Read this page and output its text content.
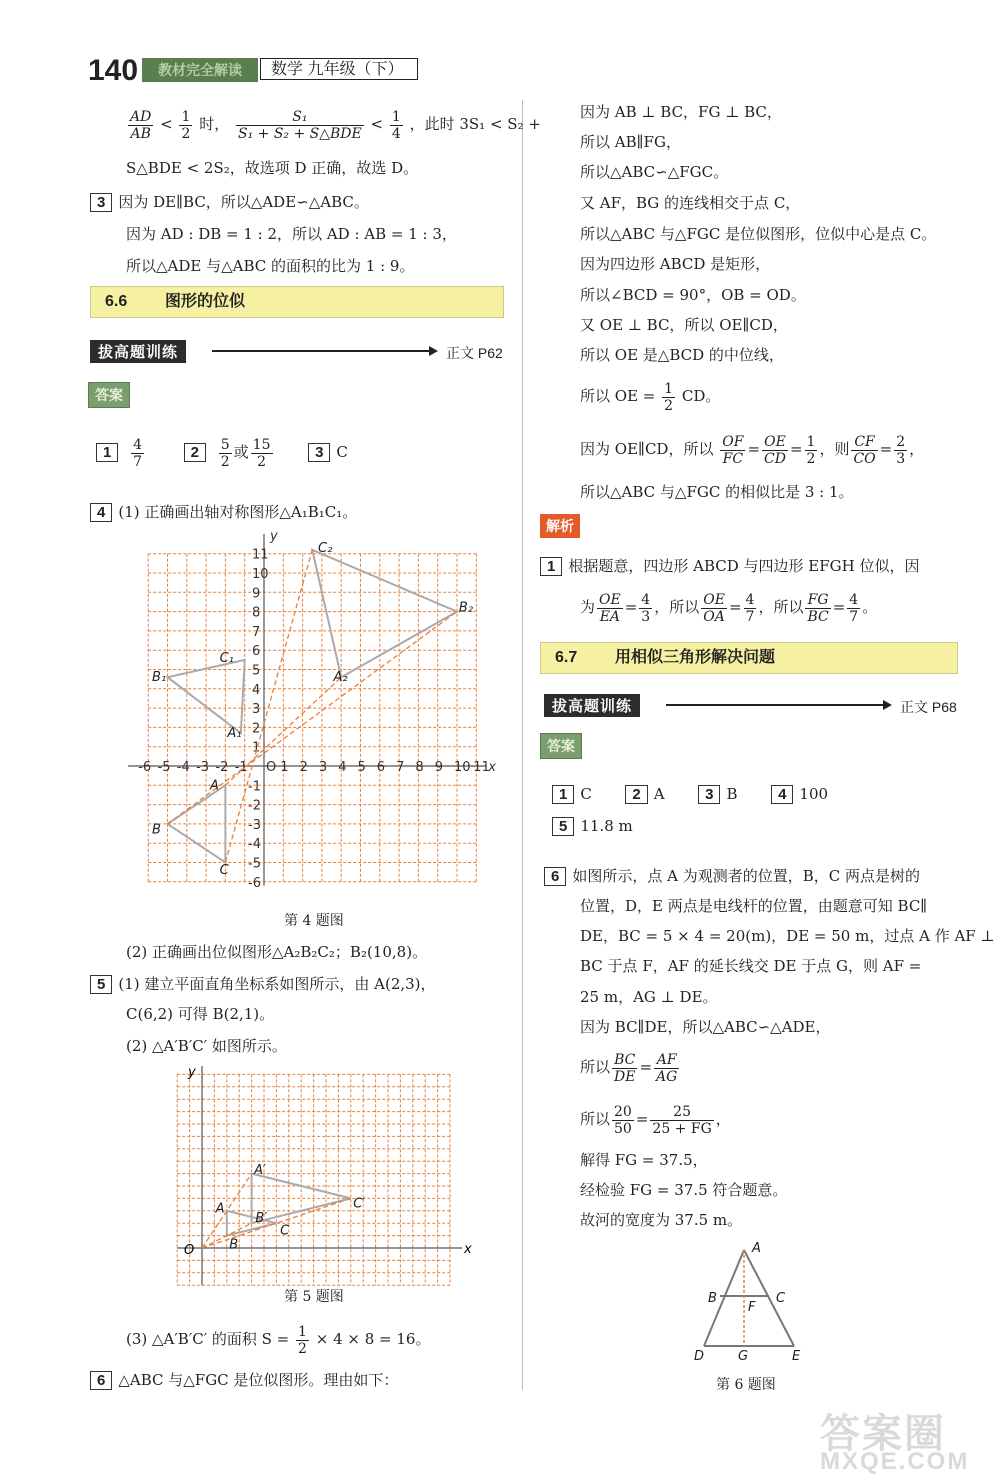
140	教材完全解读	数学 九年级（下）
$\frac{AD}{AB} < \frac{1}{2}$ 时， $\frac{\text{S₁}}{\text{S₁ + S₂ + S△BDE}} < \frac{1}{4}$ ，此时 3S₁ < S₂ +
S△BDE < 2S₂，故选项 D 正确，故选 D。
3 因为 DE∥BC，所以△ADE∽△ABC。
因为 AD : DB = 1 : 2，所以 AD : AB = 1 : 3，
所以△ADE 与△ABC 的面积的比为 1 : 9。
6.6 图形的位似
拔高题训练	正文 P62
答案
$1 \frac{4}{7}$	$2 \frac{5}{2}$ 或 $\frac{15}{2}$	3 C
4 (1) 正确画出轴对称图形△A₁B₁C₁。
-6 -5 -4 -3 -2 -1 O 1 2 3 4 5 6 7 8 9 10 11
11
10
9
8
7
6
5
4
3
2
1
-1
-2
-3
-4
-5
-6
x
y
C₂
B₂
C₁
B₁	A₂
A₁
A
B
C
第 4 题图
(2) 正确画出位似图形△A₂B₂C₂；B₂(10,8)。
5 (1) 建立平面直角坐标系如图所示，由 A(2,3)，
C(6,2) 可得 B(2,1)。
(2) △A′B′C′ 如图所示。
x
y
O
A′
A
B′
B
C
C′
第 5 题图
(3) △A′B′C′ 的面积 $S = \frac{1}{2} \times 4 \times 8 = 16$。
6 △ABC 与△FGC 是位似图形。理由如下：
因为 AB ⊥ BC，FG ⊥ BC，
所以 AB∥FG，
所以△ABC∽△FGC。
又 AF，BG 的连线相交于点 C，
所以△ABC 与△FGC 是位似图形，位似中心是点 C。
因为四边形 ABCD 是矩形，
所以∠BCD = 90°，OB = OD。
又 OE ⊥ BC，所以 OE∥CD，
所以 OE 是△BCD 的中位线，
所以 OE = $\frac{1}{2}$ CD。
因为 OE∥CD，所以 $\frac{OF}{FC} = \frac{OE}{CD} = \frac{1}{2}$ ，则 $\frac{CF}{CO} = \frac{2}{3}$ ，
所以△ABC 与△FGC 的相似比是 3 : 1。
解析
1 根据题意，四边形 ABCD 与四边形 EFGH 位似，因
为 $\frac{OE}{EA} = \frac{4}{3}$ ，所以 $\frac{OE}{OA} = \frac{4}{7}$ ，所以 $\frac{FG}{BC} = \frac{4}{7}$ 。
6.7 用相似三角形解决问题
拔高题训练	正文 P68
答案
1 C	2 A	3 B	4 100
5 11.8 m
6 如图所示，点 A 为观测者的位置，B，C 两点是树的
位置，D，E 两点是电线杆的位置，由题意可知 BC∥
DE，BC = 5 × 4 = 20(m)，DE = 50 m，过点 A 作 AF ⊥
BC 于点 F，AF 的延长线交 DE 于点 G，则 AF =
25 m，AG ⊥ DE。
因为 BC∥DE，所以△ABC∽△ADE，
所以 $\frac{BC}{DE} = \frac{AF}{AG}$
所以 $\frac{20}{50} = \frac{25}{25 + FG}$ ，
解得 FG = 37.5，
经检验 FG = 37.5 符合题意。
故河的宽度为 37.5 m。
A
B	C
F
D	G	E
第 6 题图
答案圈
MXQE.COM
